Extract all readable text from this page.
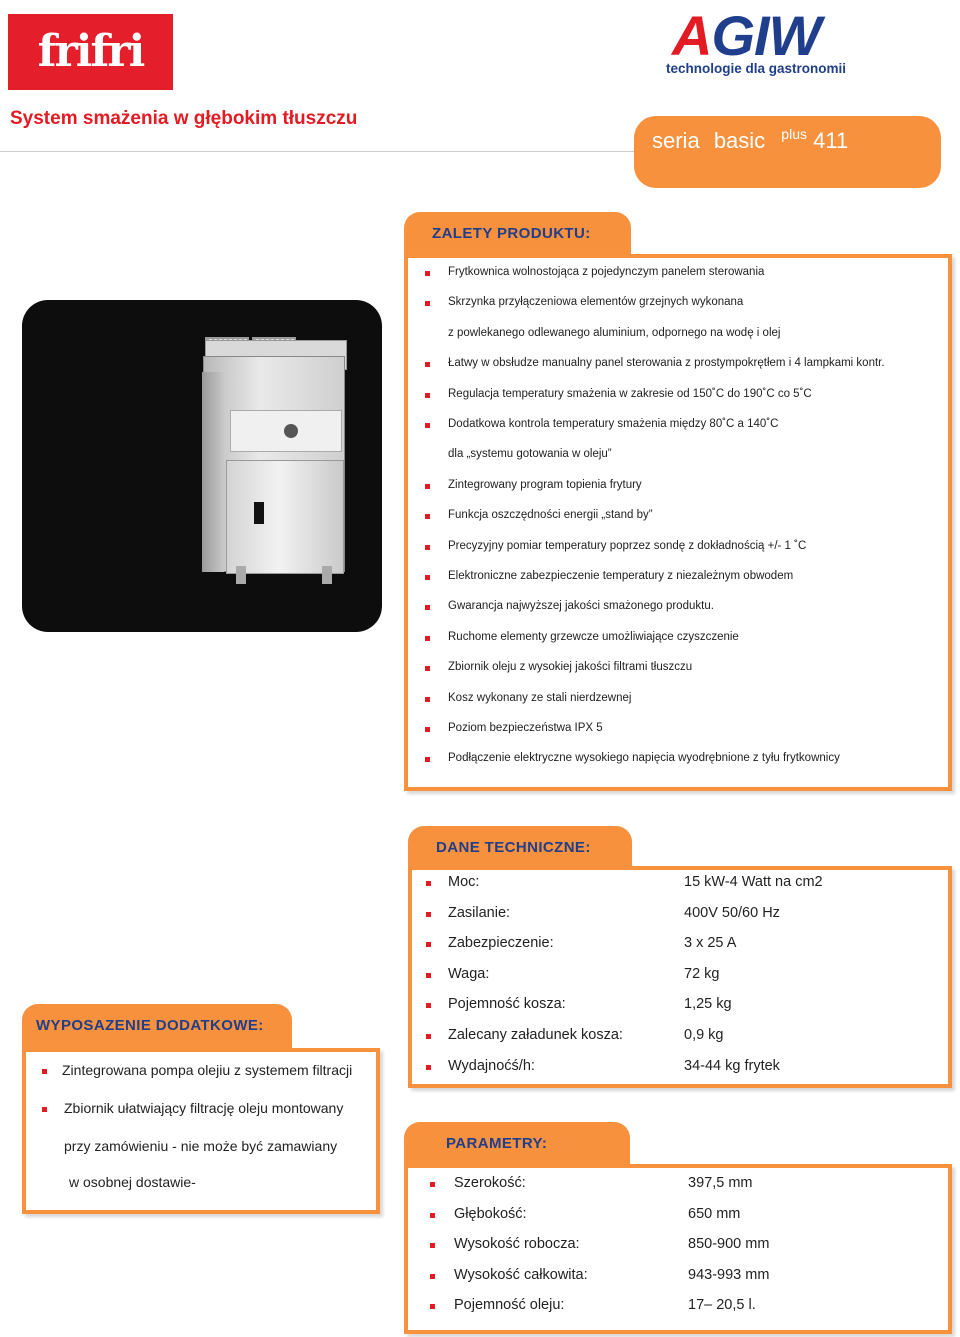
frifri	AGIW
technologie dla gastronomii
System smażenia w głębokim tłuszczu
seria basic $^{plus}$ 411
ZALETY PRODUKTU:
Frytkownica wolnostojąca z pojedynczym panelem sterowania
Skrzynka przyłączeniowa elementów grzejnych wykonana
z powlekanego odlewanego aluminium, odpornego na wodę i olej
Łatwy w obsłudze manualny panel sterowania z prostympokrętłem i 4 lampkami kontr.
Regulacja temperatury smażenia w zakresie od 150˚C do 190˚C co 5˚C
Dodatkowa kontrola temperatury smażenia między 80˚C a 140˚C
dla „systemu gotowania w oleju”
Zintegrowany program topienia frytury
Funkcja oszczędności energii „stand by”
Precyzyjny pomiar temperatury poprzez sondę z dokładnością +/- 1 ˚C
Elektroniczne zabezpieczenie temperatury z niezależnym obwodem
Gwarancja najwyższej jakości smażonego produktu.
Ruchome elementy grzewcze umożliwiające czyszczenie
Zbiornik oleju z wysokiej jakości filtrami tłuszczu
Kosz wykonany ze stali nierdzewnej
Poziom bezpieczeństwa IPX 5
Podłączenie elektryczne wysokiego napięcia wyodrębnione z tyłu frytkownicy
DANE TECHNICZNE:
Moc:	15 kW-4 Watt na cm2
Zasilanie:	400V 50/60 Hz
Zabezpieczenie:	3 x 25 A
Waga:	72 kg
Pojemność kosza:	1,25 kg
Zalecany załadunek kosza:	0,9 kg
Wydajnoćś/h:	34-44 kg frytek
WYPOSAZENIE DODATKOWE:
Zintegrowana pompa olejiu z systemem filtracji
Zbiornik ułatwiający filtrację oleju montowany
przy zamówieniu - nie może być zamawiany
w osobnej dostawie-
PARAMETRY:
Szerokość:	397,5 mm
Głębokość:	650 mm
Wysokość robocza:	850-900 mm
Wysokość całkowita:	943-993 mm
Pojemność oleju:	17– 20,5 l.
